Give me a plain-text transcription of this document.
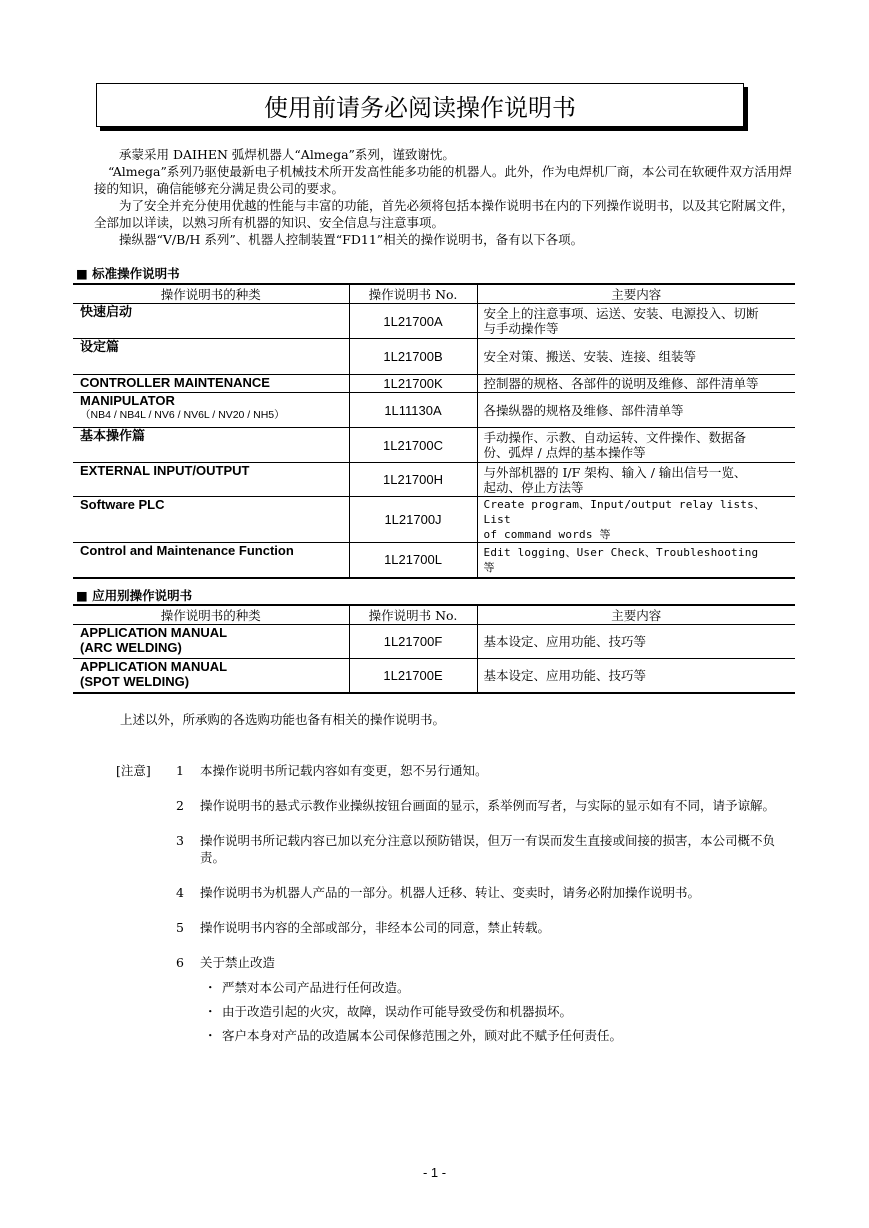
使用前请务必阅读操作说明书

承蒙采用 DAIHEN 弧焊机器人“Almega”系列，谨致谢忱。

“Almega”系列乃驱使最新电子机械技术所开发高性能多功能的机器人。此外，作为电焊机厂商，本公司在软硬件双方活用焊接的知识，确信能够充分满足贵公司的要求。

为了安全并充分使用优越的性能与丰富的功能，首先必须将包括本操作说明书在内的下列操作说明书，以及其它附属文件，全部加以详读，以熟习所有机器的知识、安全信息与注意事项。

操纵器“V/B/H 系列”、机器人控制装置“FD11”相关的操作说明书，备有以下各项。

■ 标准操作说明书
操作说明书的种类	操作说明书 No.	主要内容
快速启动	1L21700A	安全上的注意事项、运送、安装、电源投入、切断
与手动操作等

设定篇	1L21700B	安全对策、搬送、安装、连接、组装等
CONTROLLER MAINTENANCE	1L21700K	控制器的规格、各部件的说明及维修、部件清单等
MANIPULATOR
（NB4 / NB4L / NV6 / NV6L / NV20 / NH5）	1L11130A	各操纵器的规格及维修、部件清单等
基本操作篇	1L21700C	手动操作、示教、自动运转、文件操作、数据备
份、弧焊 / 点焊的基本操作等

EXTERNAL INPUT/OUTPUT	1L21700H	与外部机器的 I/F 架构、输入 / 输出信号一览、
起动、停止方法等

Software PLC	1L21700J	Create program、Input/output relay lists、List
of command words 等

Control and Maintenance Function	1L21700L	Edit logging、User Check、Troubleshooting
等
■ 应用别操作说明书
操作说明书的种类	操作说明书 No.	主要内容

APPLICATION MANUAL
(ARC WELDING)	1L21700F	基本设定、应用功能、技巧等

APPLICATION MANUAL
(SPOT WELDING)	1L21700E	基本设定、应用功能、技巧等
上述以外，所承购的各选购功能也备有相关的操作说明书。
[注意] 1 本操作说明书所记载内容如有变更，恕不另行通知。
2 操作说明书的悬式示教作业操纵按钮台画面的显示，系举例而写者，与实际的显示如有不同，请予谅解。
3 操作说明书所记载内容已加以充分注意以预防错误，但万一有误而发生直接或间接的损害，本公司概不负责。
4 操作说明书为机器人产品的一部分。机器人迁移、转让、变卖时，请务必附加操作说明书。
5 操作说明书内容的全部或部分，非经本公司的同意，禁止转载。
6 关于禁止改造
・ 严禁对本公司产品进行任何改造。
・ 由于改造引起的火灾，故障，误动作可能导致受伤和机器损坏。
・ 客户本身对产品的改造属本公司保修范围之外，顾对此不赋予任何责任。
- 1 -
